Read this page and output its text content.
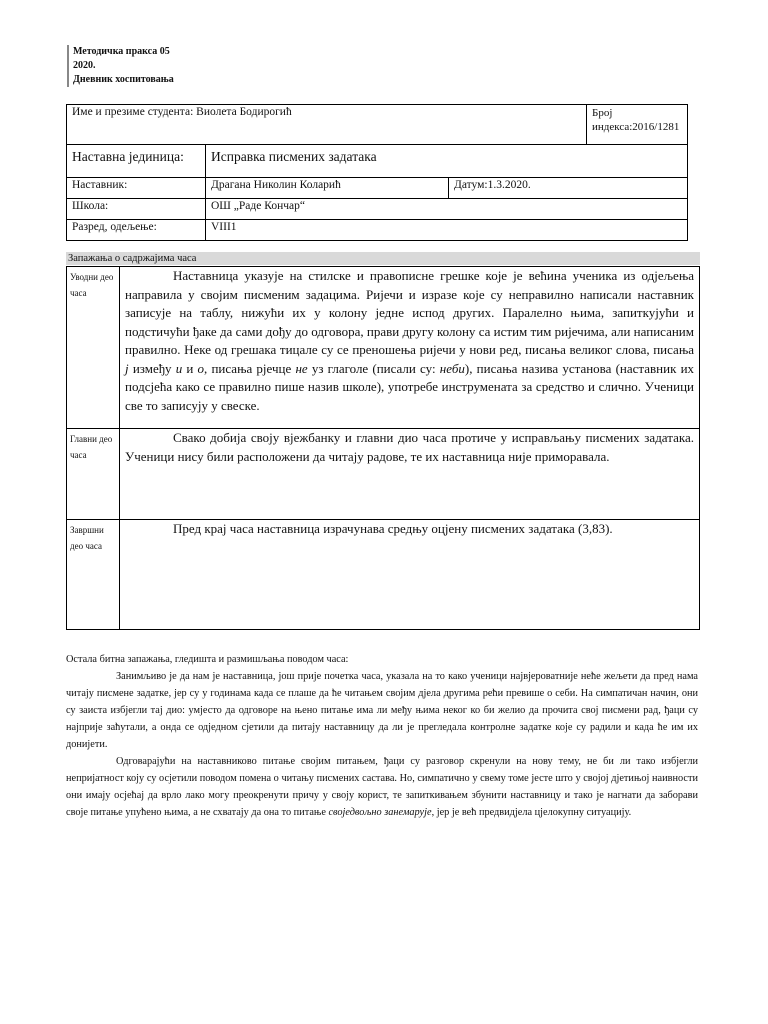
Методичка пракса 05
2020.
Дневник хоспитовања
Име и презиме студента: Виолета Бодирогић			Број
индекса:2016/1281

Наставна јединица:	Исправка писмених задатака		
Наставник:	Драгана Николин Коларић	Датум:1.3.2020.	
Школа:	ОШ „Раде Кончар“		
Разред, одељење:	VIII1		
Запажања о садржајима часа
Уводни део часа	Наставница указује на стилске и правописне грешке које је већина ученика из одјељења направила у својим писменим задацима. Ријечи и изразе које су неправилно написали наставник записује на таблу, нижући их у колону једне испод других. Паралелно њима, запиткујући и подстичући ђаке да сами дођу до одговора, прави другу колону са истим тим ријечима, али написаним правилно. Неке од грешака тицале су се преношења ријечи у нови ред, писања великог слова, писања ј између и и о, писања рјечце не уз глаголе (писали су: неби), писања назива установа (наставник их подсјећа како се правилно пише назив школе), употребе инструмената за средство и слично. Ученици све то записују у свеске.
Главни део часа	Свако добија своју вјежбанку и главни дио часа протиче у исправљању писмених задатака. Ученици нису били расположени да читају радове, те их наставница није приморавала.
Завршни део часа	Пред крај часа наставница израчунава средњу оцјену писмених задатака (3,83).

Остала битна запажања, гледишта и размишљања поводом часа:

Занимљиво је да нам је наставница, још прије почетка часа, указала на то како ученици највјероватније неће жељети да пред нама читају писмене задатке, јер су у годинама када се плаше да ће читањем својим дјела другима рећи превише о себи. На симпатичан начин, они су заиста избјегли тај дио: умјесто да одговоре на њено питање има ли међу њима неког ко би желио да прочита свој писмени рад, ђаци су најприје заћутали, а онда се одједном сјетили да питају наставницу да ли је прегледала контролне задатке које су радили и када ће им их донијети.

Одговарајући на наставниково питање својим питањем, ђаци су разговор скренули на нову тему, не би ли тако избјегли непријатност коју су осјетили поводом помена о читању писмених састава. Но, симпатично у свему томе јесте што у својој дјетињој наивности они имају осјећај да врло лако могу преокренути причу у своју корист, те запиткивањем збунити наставницу и тако је нагнати да заборави своје питање упућено њима, а не схватају да она то питање своједвољно занемарује, јер је већ предвидјела цјелокупну ситуацију.
